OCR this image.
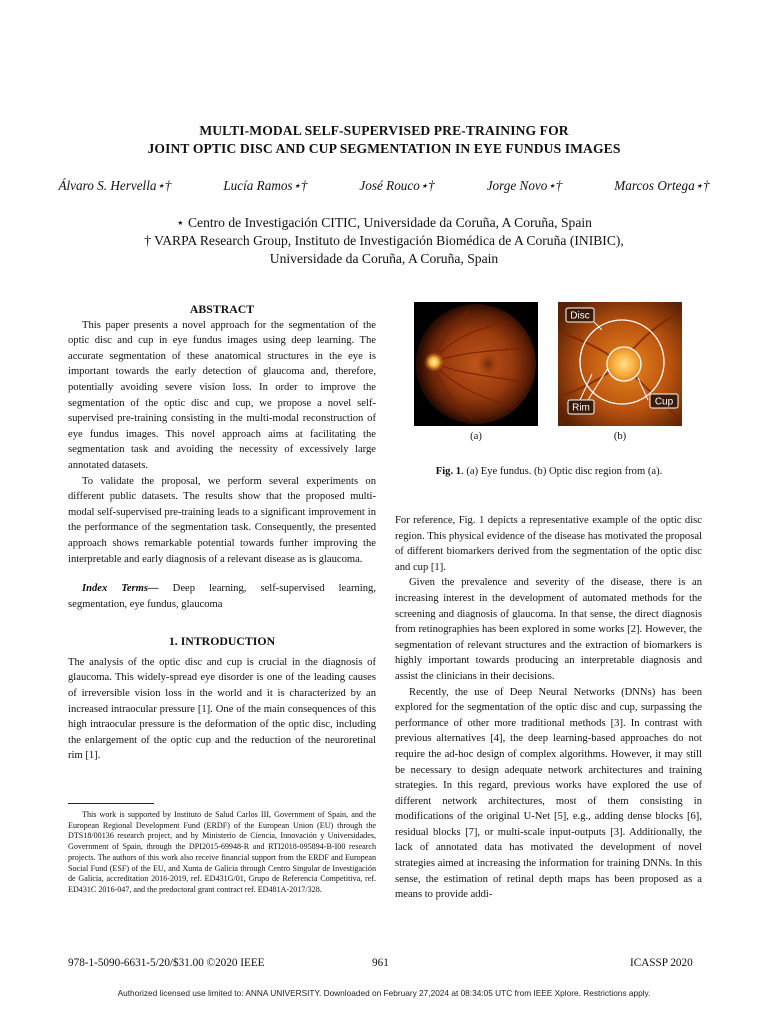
MULTI-MODAL SELF-SUPERVISED PRE-TRAINING FOR
JOINT OPTIC DISC AND CUP SEGMENTATION IN EYE FUNDUS IMAGES
Álvaro S. Hervella⋆†	Lucía Ramos⋆†	José Rouco⋆†	Jorge Novo⋆†	Marcos Ortega⋆†
⋆ Centro de Investigación CITIC, Universidade da Coruña, A Coruña, Spain
† VARPA Research Group, Instituto de Investigación Biomédica de A Coruña (INIBIC),
Universidade da Coruña, A Coruña, Spain

ABSTRACT

This paper presents a novel approach for the segmentation of the optic disc and cup in eye fundus images using deep learning. The accurate segmentation of these anatomical structures in the eye is important towards the early detection of glaucoma and, therefore, potentially avoiding severe vision loss. In order to improve the segmentation of the optic disc and cup, we propose a novel self-supervised pre-training consisting in the multi-modal reconstruction of eye fundus images. This novel approach aims at facilitating the segmentation task and avoiding the necessity of excessively large annotated datasets.

To validate the proposal, we perform several experiments on different public datasets. The results show that the proposed multi-modal self-supervised pre-training leads to a significant improvement in the performance of the segmentation task. Consequently, the presented approach shows remarkable potential towards further improving the interpretable and early diagnosis of a relevant disease as is glaucoma.

Index Terms— Deep learning, self-supervised learning, segmentation, eye fundus, glaucoma

1. INTRODUCTION

The analysis of the optic disc and cup is crucial in the diagnosis of glaucoma. This widely-spread eye disorder is one of the leading causes of irreversible vision loss in the world and it is characterized by an increased intraocular pressure [1]. One of the main consequences of this high intraocular pressure is the deformation of the optic disc, including the enlargement of the optic cup and the reduction of the neuroretinal rim [1].

This work is supported by Instituto de Salud Carlos III, Government of Spain, and the European Regional Development Fund (ERDF) of the European Union (EU) through the DTS18/00136 research project, and by Ministerio de Ciencia, Innovación y Universidades, Government of Spain, through the DPI2015-69948-R and RTI2018-095894-B-I00 research projects. The authors of this work also receive financial support from the ERDF and European Social Fund (ESF) of the EU, and Xunta de Galicia through Centro Singular de Investigación de Galicia, accreditation 2016-2019, ref. ED431G/01, Grupo de Referencia Competitiva, ref. ED431C 2016-047, and the predoctoral grant contract ref. ED481A-2017/328.
Disc
Rim
Cup
(a)	(b)
Fig. 1. (a) Eye fundus. (b) Optic disc region from (a).

For reference, Fig. 1 depicts a representative example of the optic disc region. This physical evidence of the disease has motivated the proposal of different biomarkers derived from the segmentation of the optic disc and cup [1].

Given the prevalence and severity of the disease, there is an increasing interest in the development of automated methods for the screening and diagnosis of glaucoma. In that sense, the direct diagnosis from retinographies has been explored in some works [2]. However, the segmentation of relevant structures and the extraction of biomarkers is highly important towards producing an interpretable diagnosis and assist the clinicians in their decisions.

Recently, the use of Deep Neural Networks (DNNs) has been explored for the segmentation of the optic disc and cup, surpassing the performance of other more traditional methods [3]. In contrast with previous alternatives [4], the deep learning-based approaches do not require the ad-hoc design of complex algorithms. However, it may still be necessary to design adequate network architectures and training strategies. In this regard, previous works have explored the use of different network architectures, most of them consisting in modifications of the original U-Net [5], e.g., adding dense blocks [6], residual blocks [7], or multi-scale input-outputs [3]. Additionally, the lack of annotated data has motivated the development of novel strategies aimed at increasing the information for training DNNs. In this sense, the estimation of retinal depth maps has been proposed as a means to provide addi-

978-1-5090-6631-5/20/$31.00 ©2020 IEEE	961	ICASSP 2020
Authorized licensed use limited to: ANNA UNIVERSITY. Downloaded on February 27,2024 at 08:34:05 UTC from IEEE Xplore. Restrictions apply.
